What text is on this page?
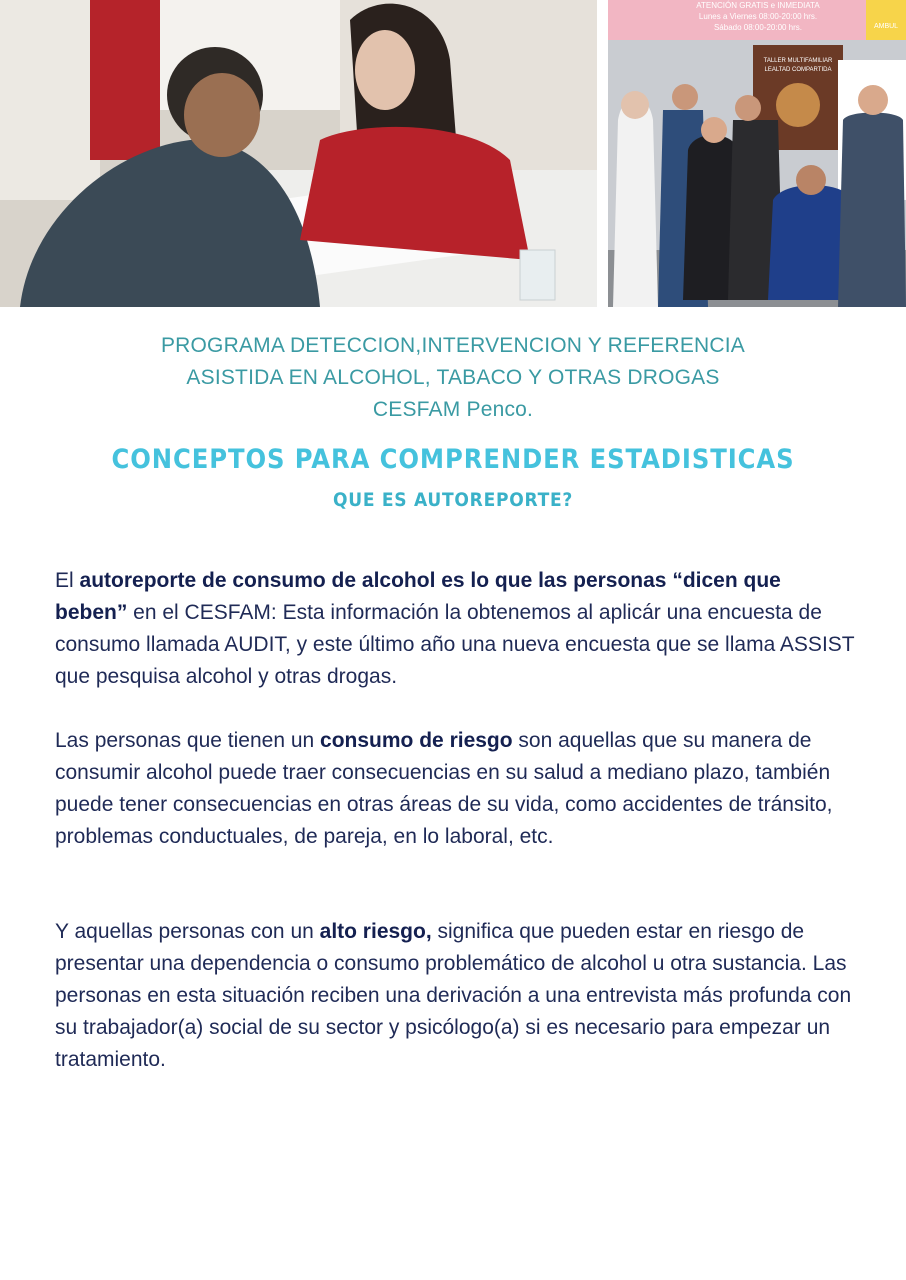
ATENCIÓN GRATIS e INMEDIATA
Lunes a Viernes 08:00-20:00 hrs.
Sábado 08:00-20:00 hrs.	AMBUL
TALLER MULTIFAMILIAR
LEALTAD COMPARTIDA
PROGRAMA DETECCION,INTERVENCION Y REFERENCIA
ASISTIDA EN ALCOHOL, TABACO Y OTRAS DROGAS
CESFAM Penco.
CONCEPTOS PARA COMPRENDER ESTADISTICAS
QUE ES AUTOREPORTE?

El autoreporte de consumo de alcohol es lo que las personas “dicen que beben” en el CESFAM: Esta información la obtenemos al aplicár una encuesta de consumo llamada AUDIT, y este último año una nueva encuesta que se llama ASSIST que pesquisa alcohol y otras drogas.

Las personas que tienen un consumo de riesgo son aquellas que su manera de consumir alcohol puede traer consecuencias en su salud a mediano plazo, también puede tener consecuencias en otras áreas de su vida, como accidentes de tránsito, problemas conductuales, de pareja, en lo laboral, etc.

Y aquellas personas con un alto riesgo, significa que pueden estar en riesgo de presentar una dependencia o consumo problemático de alcohol u otra sustancia. Las personas en esta situación reciben una derivación a una entrevista más profunda con su trabajador(a) social de su sector y psicólogo(a) si es necesario para empezar un tratamiento.
